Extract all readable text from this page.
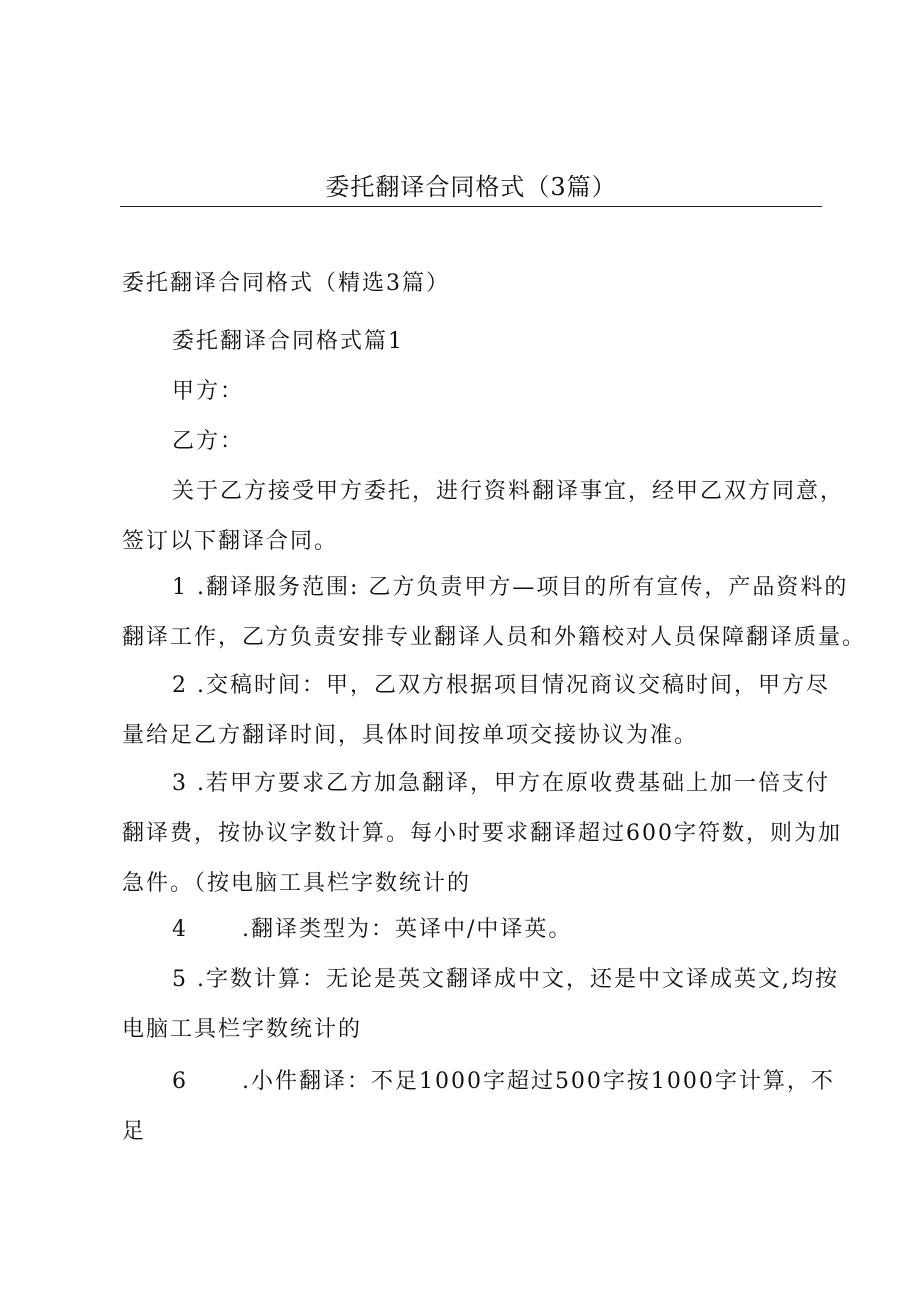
委托翻译合同格式（3篇）
委托翻译合同格式（精选3篇）
委托翻译合同格式篇1
甲方：
乙方：
关于乙方接受甲方委托，进行资料翻译事宜，经甲乙双方同意，
签订以下翻译合同。
1 .翻译服务范围: 乙方负责甲方—项目的所有宣传，产品资料的
翻译工作，乙方负责安排专业翻译人员和外籍校对人员保障翻译质量。
2 .交稿时间：甲，乙双方根据项目情况商议交稿时间，甲方尽
量给足乙方翻译时间，具体时间按单项交接协议为准。
3 .若甲方要求乙方加急翻译，甲方在原收费基础上加一倍支付
翻译费，按协议字数计算。每小时要求翻译超过600字符数，则为加
急件。（按电脑工具栏字数统计的
4      .翻译类型为：英译中/中译英。
5 .字数计算：无论是英文翻译成中文，还是中文译成英文,均按
电脑工具栏字数统计的
6      .小件翻译：不足1000字超过500字按1000字计算，不
足
